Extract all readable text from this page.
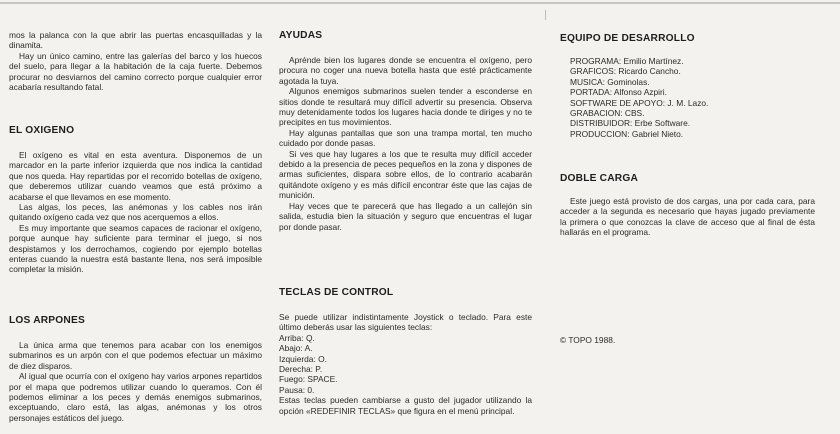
mos la palanca con la que abrir las puertas encasquilladas y la dinamita.

Hay un único camino, entre las galerías del barco y los huecos del suelo, para llegar a la habitación de la caja fuerte. Debemos procurar no desviarnos del camino correcto porque cualquier error acabaría resultando fatal.

EL OXIGENO

El oxígeno es vital en esta aventura. Disponemos de un marcador en la parte inferior izquierda que nos indica la cantidad que nos queda. Hay repartidas por el recorrido botellas de oxígeno, que deberemos utilizar cuando veamos que está próximo a acabarse el que llevamos en ese momento.

Las algas, los peces, las anémonas y los cables nos irán quitando oxígeno cada vez que nos acerquemos a ellos.

Es muy importante que seamos capaces de racionar el oxígeno, porque aunque hay suficiente para terminar el juego, si nos despistamos y los derrochamos, cogiendo por ejemplo botellas enteras cuando la nuestra está bastante llena, nos será imposible completar la misión.

LOS ARPONES

La única arma que tenemos para acabar con los enemigos submarinos es un arpón con el que podemos efectuar un máximo de diez disparos.

Al igual que ocurría con el oxígeno hay varios arpones repartidos por el mapa que podremos utilizar cuando lo queramos. Con él podemos eliminar a los peces y demás enemigos submarinos, exceptuando, claro está, las algas, anémonas y los otros personajes estáticos del juego.

AYUDAS

Aprénde bien los lugares donde se encuentra el oxígeno, pero procura no coger una nueva botella hasta que esté prácticamente agotada la tuya.

Algunos enemigos submarinos suelen tender a esconderse en sitios donde te resultará muy difícil advertir su presencia. Observa muy detenidamente todos los lugares hacia donde te diriges y no te precipites en tus movimientos.

Hay algunas pantallas que son una trampa mortal, ten mucho cuidado por donde pasas.

Si ves que hay lugares a los que te resulta muy difícil acceder debido a la presencia de peces pequeños en la zona y dispones de armas suficientes, dispara sobre ellos, de lo contrario acabarán quitándote oxígeno y es más difícil encontrar éste que las cajas de munición.

Hay veces que te parecerá que has llegado a un callejón sin salida, estudia bien la situación y seguro que encuentras el lugar por donde pasar.

TECLAS DE CONTROL

Se puede utilizar indistintamente Joystick o teclado. Para este último deberás usar las siguientes teclas:

Arriba: Q.

Abajo: A.

Izquierda: O.

Derecha: P.

Fuego: SPACE.

Pausa: 0.

Estas teclas pueden cambiarse a gusto del jugador utilizando la opción «REDEFINIR TECLAS» que figura en el menú principal.

EQUIPO DE DESARROLLO

PROGRAMA: Emilio Martínez.

GRAFICOS: Ricardo Cancho.

MUSICA: Gominolas.

PORTADA: Alfonso Azpiri.

SOFTWARE DE APOYO: J. M. Lazo.

GRABACION: CBS.

DISTRIBUIDOR: Erbe Software.

PRODUCCION: Gabriel Nieto.

DOBLE CARGA

Este juego está provisto de dos cargas, una por cada cara, para acceder a la segunda es necesario que hayas jugado previamente la primera o que conozcas la clave de acceso que al final de ésta hallarás en el programa.

© TOPO 1988.
